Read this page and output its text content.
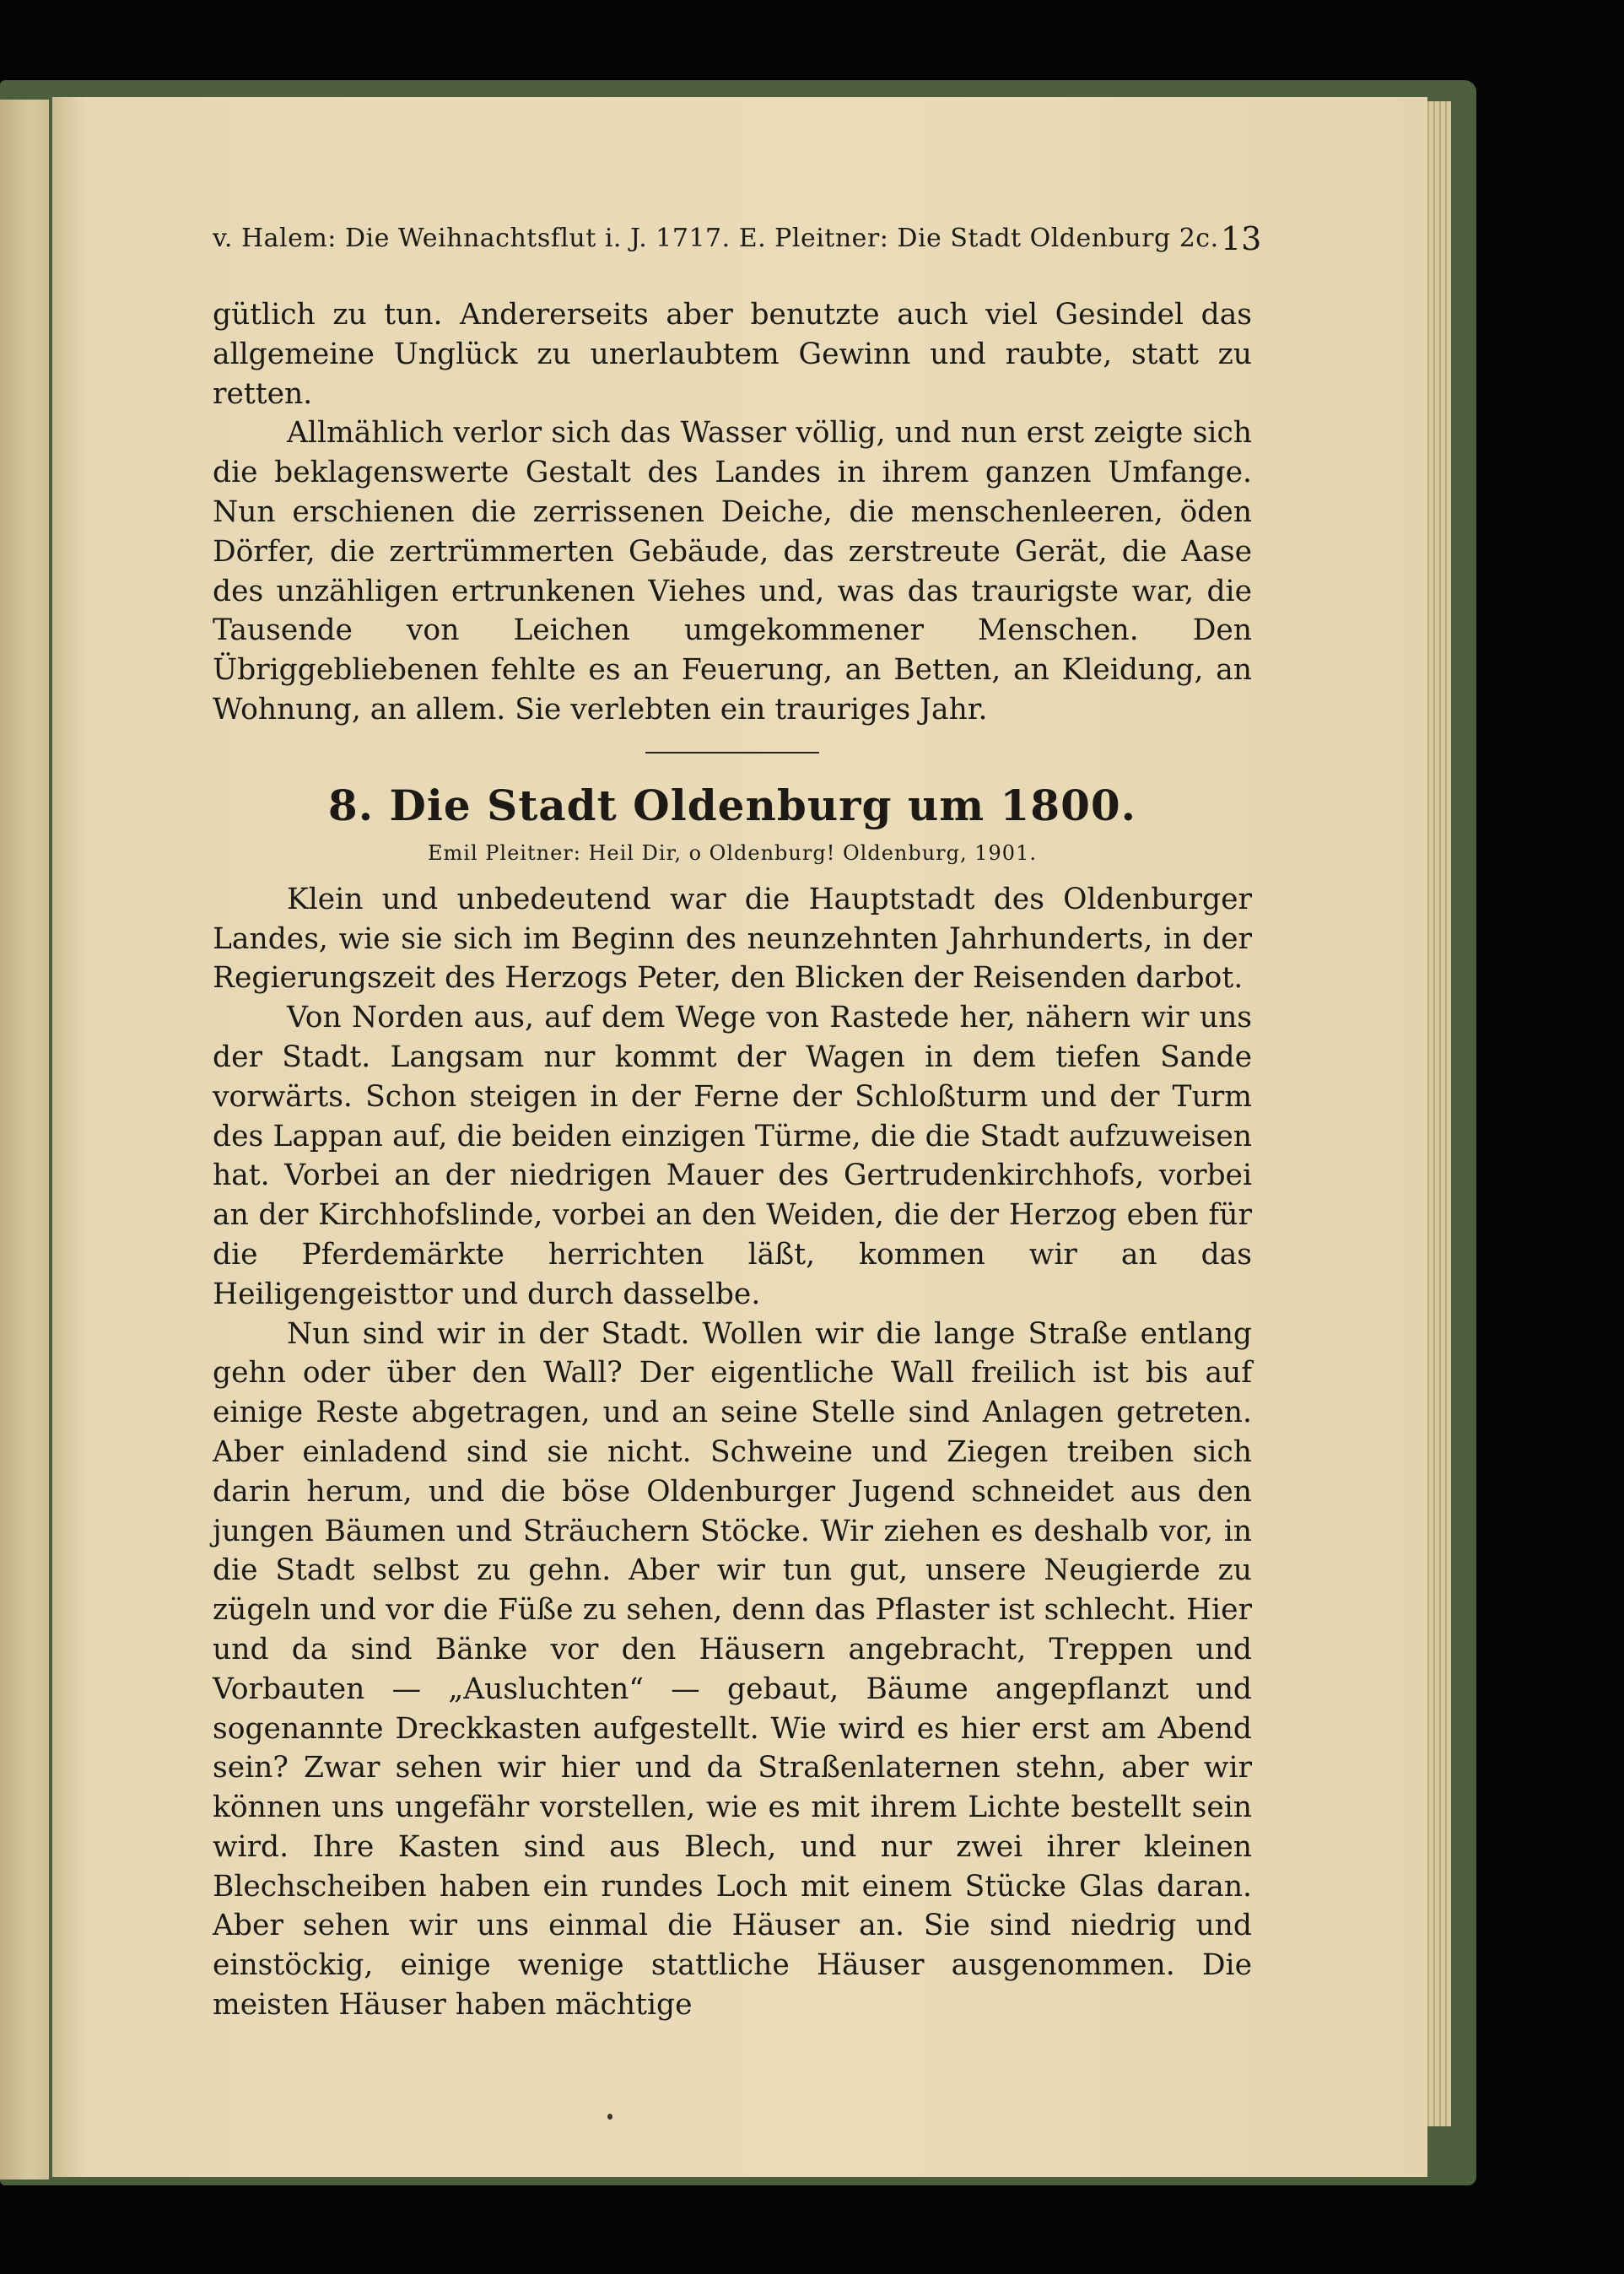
v. Halem: Die Weihnachtsflut i. J. 1717. E. Pleitner: Die Stadt Oldenburg 2c. 13

gütlich zu tun. Andererseits aber benutzte auch viel Gesindel das allgemeine Unglück zu unerlaubtem Gewinn und raubte, statt zu retten.

Allmählich verlor sich das Wasser völlig, und nun erst zeigte sich die beklagenswerte Gestalt des Landes in ihrem ganzen Umfange. Nun erschienen die zerrissenen Deiche, die menschenleeren, öden Dörfer, die zertrümmerten Gebäude, das zerstreute Gerät, die Aase des unzähligen ertrunkenen Viehes und, was das traurigste war, die Tausende von Leichen umgekommener Menschen. Den Übriggebliebenen fehlte es an Feuerung, an Betten, an Kleidung, an Wohnung, an allem. Sie verlebten ein trauriges Jahr.

8. Die Stadt Oldenburg um 1800.
Emil Pleitner: Heil Dir, o Oldenburg! Oldenburg, 1901.

Klein und unbedeutend war die Hauptstadt des Oldenburger Landes, wie sie sich im Beginn des neunzehnten Jahrhunderts, in der Regierungszeit des Herzogs Peter, den Blicken der Reisenden darbot.

Von Norden aus, auf dem Wege von Rastede her, nähern wir uns der Stadt. Langsam nur kommt der Wagen in dem tiefen Sande vorwärts. Schon steigen in der Ferne der Schloßturm und der Turm des Lappan auf, die beiden einzigen Türme, die die Stadt aufzuweisen hat. Vorbei an der niedrigen Mauer des Gertrudenkirchhofs, vorbei an der Kirchhofslinde, vorbei an den Weiden, die der Herzog eben für die Pferdemärkte herrichten läßt, kommen wir an das Heiligengeisttor und durch dasselbe.

Nun sind wir in der Stadt. Wollen wir die lange Straße entlang gehn oder über den Wall? Der eigentliche Wall freilich ist bis auf einige Reste abgetragen, und an seine Stelle sind Anlagen getreten. Aber einladend sind sie nicht. Schweine und Ziegen treiben sich darin herum, und die böse Oldenburger Jugend schneidet aus den jungen Bäumen und Sträuchern Stöcke. Wir ziehen es deshalb vor, in die Stadt selbst zu gehn. Aber wir tun gut, unsere Neugierde zu zügeln und vor die Füße zu sehen, denn das Pflaster ist schlecht. Hier und da sind Bänke vor den Häusern angebracht, Treppen und Vorbauten — „Ausluchten“ — gebaut, Bäume angepflanzt und sogenannte Dreckkasten aufgestellt. Wie wird es hier erst am Abend sein? Zwar sehen wir hier und da Straßenlaternen stehn, aber wir können uns ungefähr vorstellen, wie es mit ihrem Lichte bestellt sein wird. Ihre Kasten sind aus Blech, und nur zwei ihrer kleinen Blechscheiben haben ein rundes Loch mit einem Stücke Glas daran. Aber sehen wir uns einmal die Häuser an. Sie sind niedrig und einstöckig, einige wenige stattliche Häuser ausgenommen. Die meisten Häuser haben mächtige
